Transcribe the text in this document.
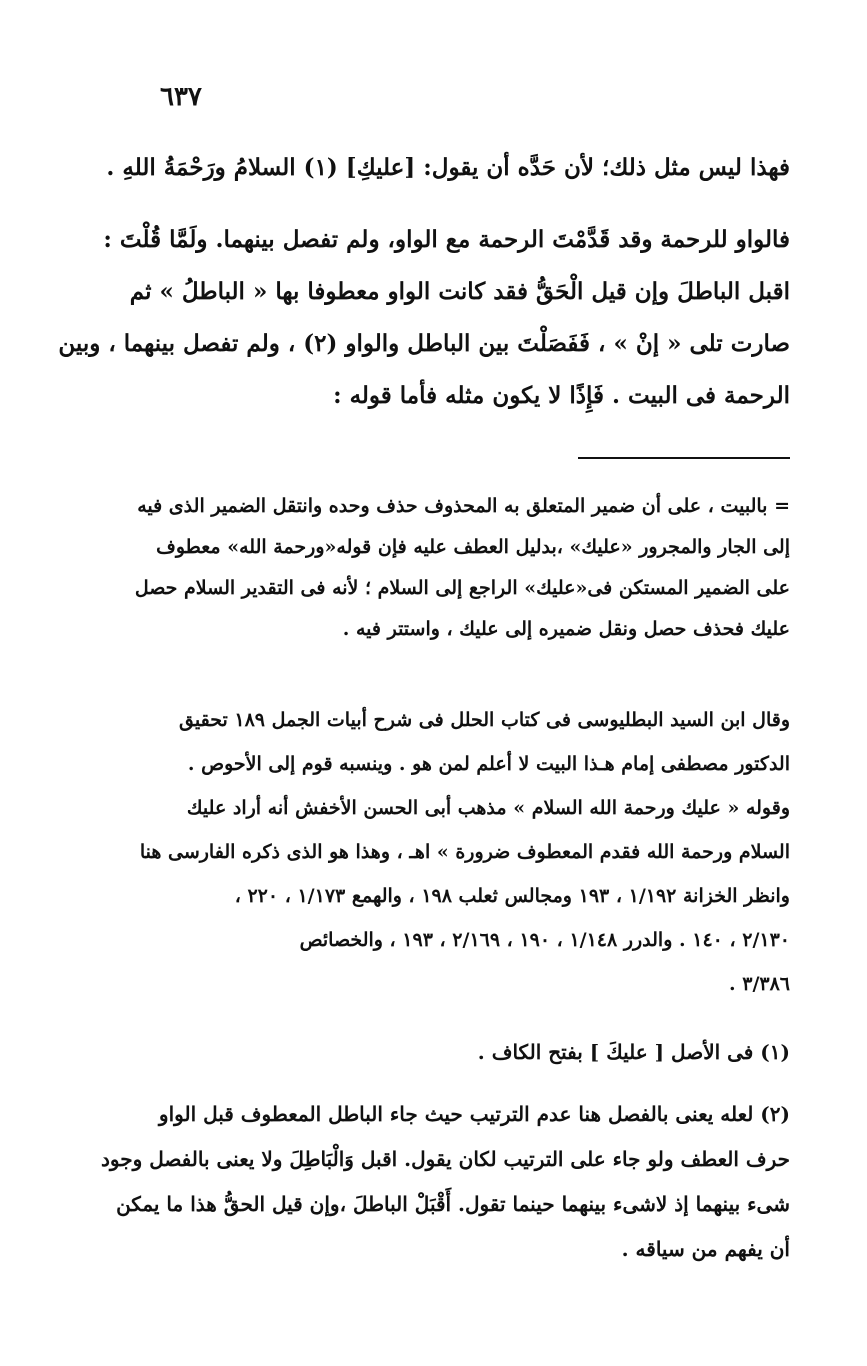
٦٣٧
فهذا ليس مثل ذلك؛ لأن حَدَّه أن يقول: [عليكِ] (١) السلامُ ورَحْمَةُ اللهِ .
فالواو للرحمة وقد قَدَّمْتَ الرحمة مع الواو، ولم تفصل بينهما. ولَمَّا قُلْتَ :
اقبل الباطلَ وإن قيل الْحَقُّ فقد كانت الواو معطوفا بها « الباطلُ » ثم
صارت تلى « إنْ » ، فَفَصَلْتَ بين الباطل والواو (٢) ، ولم تفصل بينهما ، وبين
الرحمة فى البيت . فَإِذًا لا يكون مثله فأما قوله :
= بالبيت ، على أن ضمير المتعلق به المحذوف حذف وحده وانتقل الضمير الذى فيه
إلى الجار والمجرور «عليك» ،بدليل العطف عليه فإن قوله«ورحمة الله» معطوف
على الضمير المستكن فى«عليك» الراجع إلى السلام ؛ لأنه فى التقدير السلام حصل
عليك فحذف حصل ونقل ضميره إلى عليك ، واستتر فيه .
وقال ابن السيد البطليوسى فى كتاب الحلل فى شرح أبيات الجمل ١٨٩ تحقيق
الدكتور مصطفى إمام هـذا البيت لا أعلم لمن هو . وينسبه قوم إلى الأحوص .
وقوله « عليك ورحمة الله السلام » مذهب أبى الحسن الأخفش أنه أراد عليك
السلام ورحمة الله فقدم المعطوف ضرورة » اهـ ، وهذا هو الذى ذكره الفارسى هنا
وانظر الخزانة ١/١٩٢ ، ١٩٣ ومجالس ثعلب ١٩٨ ، والهمع ١/١٧٣ ، ٢٢٠ ،
٢/١٣٠ ، ١٤٠ . والدرر ١/١٤٨ ، ١٩٠ ، ٢/١٦٩ ، ١٩٣ ، والخصائص
٣/٣٨٦ .
(١) فى الأصل [ عليكَ ] بفتح الكاف .
(٢) لعله يعنى بالفصل هنا عدم الترتيب حيث جاء الباطل المعطوف قبل الواو
حرف العطف ولو جاء على الترتيب لكان يقول. اقبل وَالْبَاطِلَ ولا يعنى بالفصل وجود
شىء بينهما إذ لاشىء بينهما حينما تقول. أَقْبَلْ الباطلَ ،وإن قيل الحقُّ هذا ما يمكن
أن يفهم من سياقه .
